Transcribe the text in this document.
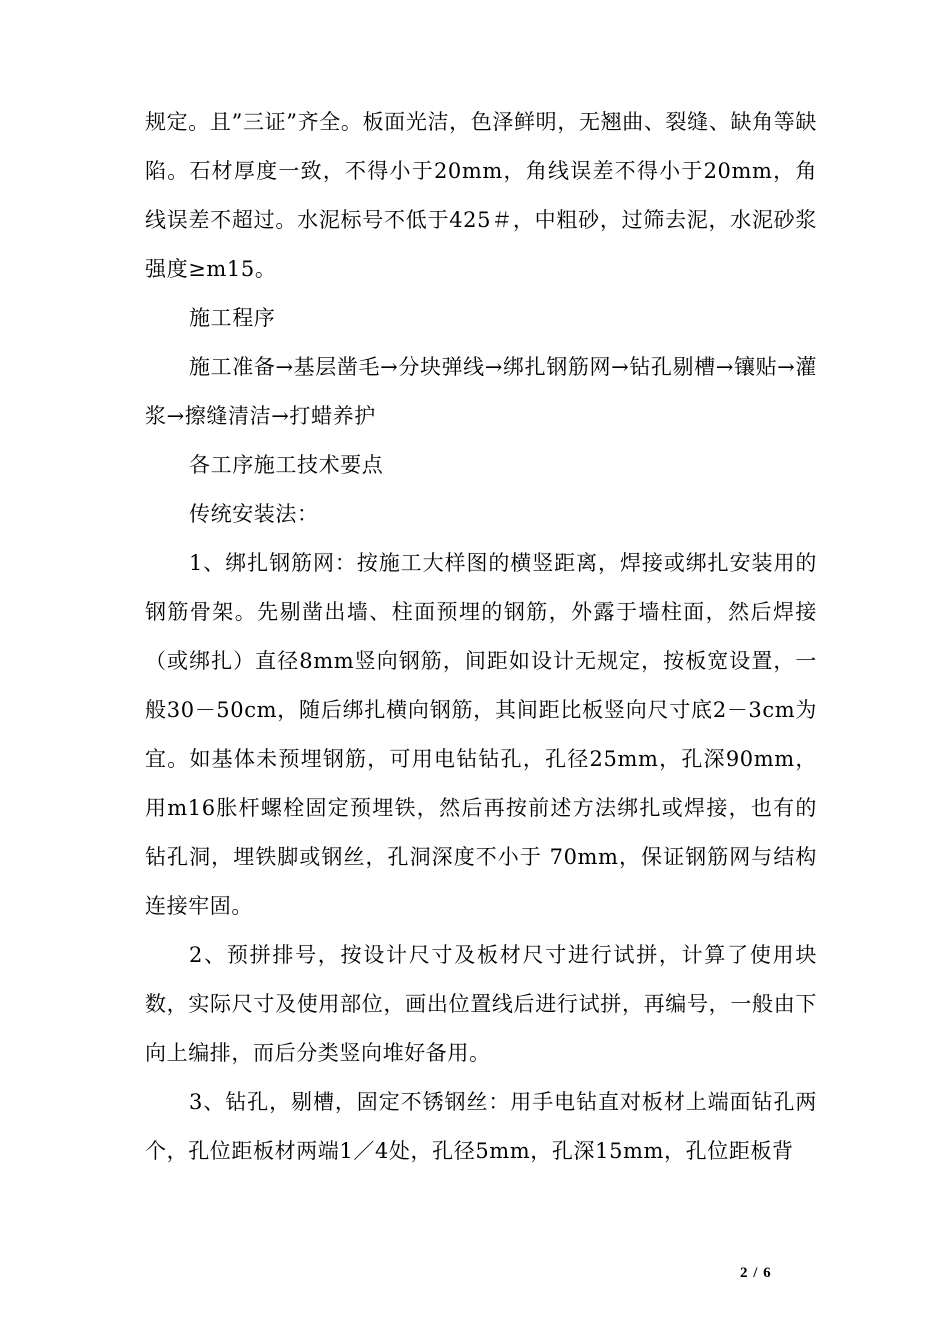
规定。且”三证”齐全。板面光洁，色泽鲜明，无翘曲、裂缝、缺角等缺陷。石材厚度一致，不得小于20mm，角线误差不得小于20mm，角线误差不超过。水泥标号不低于425＃，中粗砂，过筛去泥，水泥砂浆强度≥m15。

施工程序

施工准备→基层凿毛→分块弹线→绑扎钢筋网→钻孔剔槽→镶贴→灌浆→擦缝清洁→打蜡养护

各工序施工技术要点

传统安装法：

1、绑扎钢筋网：按施工大样图的横竖距离，焊接或绑扎安装用的钢筋骨架。先剔凿出墙、柱面预埋的钢筋，外露于墙柱面，然后焊接（或绑扎）直径8mm竖向钢筋，间距如设计无规定，按板宽设置，一般30－50cm，随后绑扎横向钢筋，其间距比板竖向尺寸底2－3cm为宜。如基体未预埋钢筋，可用电钻钻孔，孔径25mm，孔深90mm，用m16胀杆螺栓固定预埋铁，然后再按前述方法绑扎或焊接，也有的钻孔洞，埋铁脚或钢丝，孔洞深度不小于 70mm，保证钢筋网与结构连接牢固。

2、预拼排号，按设计尺寸及板材尺寸进行试拼，计算了使用块数，实际尺寸及使用部位，画出位置线后进行试拼，再编号，一般由下向上编排，而后分类竖向堆好备用。

3、钻孔，剔槽，固定不锈钢丝：用手电钻直对板材上端面钻孔两个，孔位距板材两端1／4处，孔径5mm，孔深15mm，孔位距板背

2 / 6
